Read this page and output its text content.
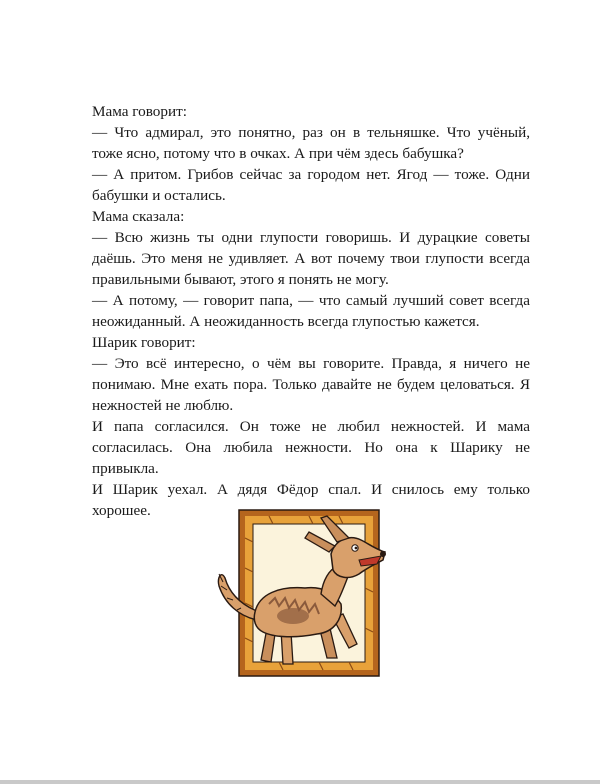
Мама говорит:

— Что адмирал, это понятно, раз он в тельняшке. Что учёный, тоже ясно, потому что в очках. А при чём здесь бабушка?

— А притом. Грибов сейчас за городом нет. Ягод — тоже. Одни бабушки и остались.

Мама сказала:

— Всю жизнь ты одни глупости говоришь. И дурацкие советы даёшь. Это меня не удивляет. А вот почему твои глупости всегда правильными бывают, этого я понять не могу.

— А потому, — говорит папа, — что самый лучший совет всегда неожиданный. А неожиданность всегда глупостью кажется.

Шарик говорит:

— Это всё интересно, о чём вы говорите. Правда, я ничего не понимаю. Мне ехать пора. Только давайте не будем целоваться. Я нежностей не люблю.

И папа согласился. Он тоже не любил нежностей. И мама согласилась. Она любила нежности. Но она к Шарику не привыкла.

И Шарик уехал. А дядя Фёдор спал. И снилось ему только хорошее.
